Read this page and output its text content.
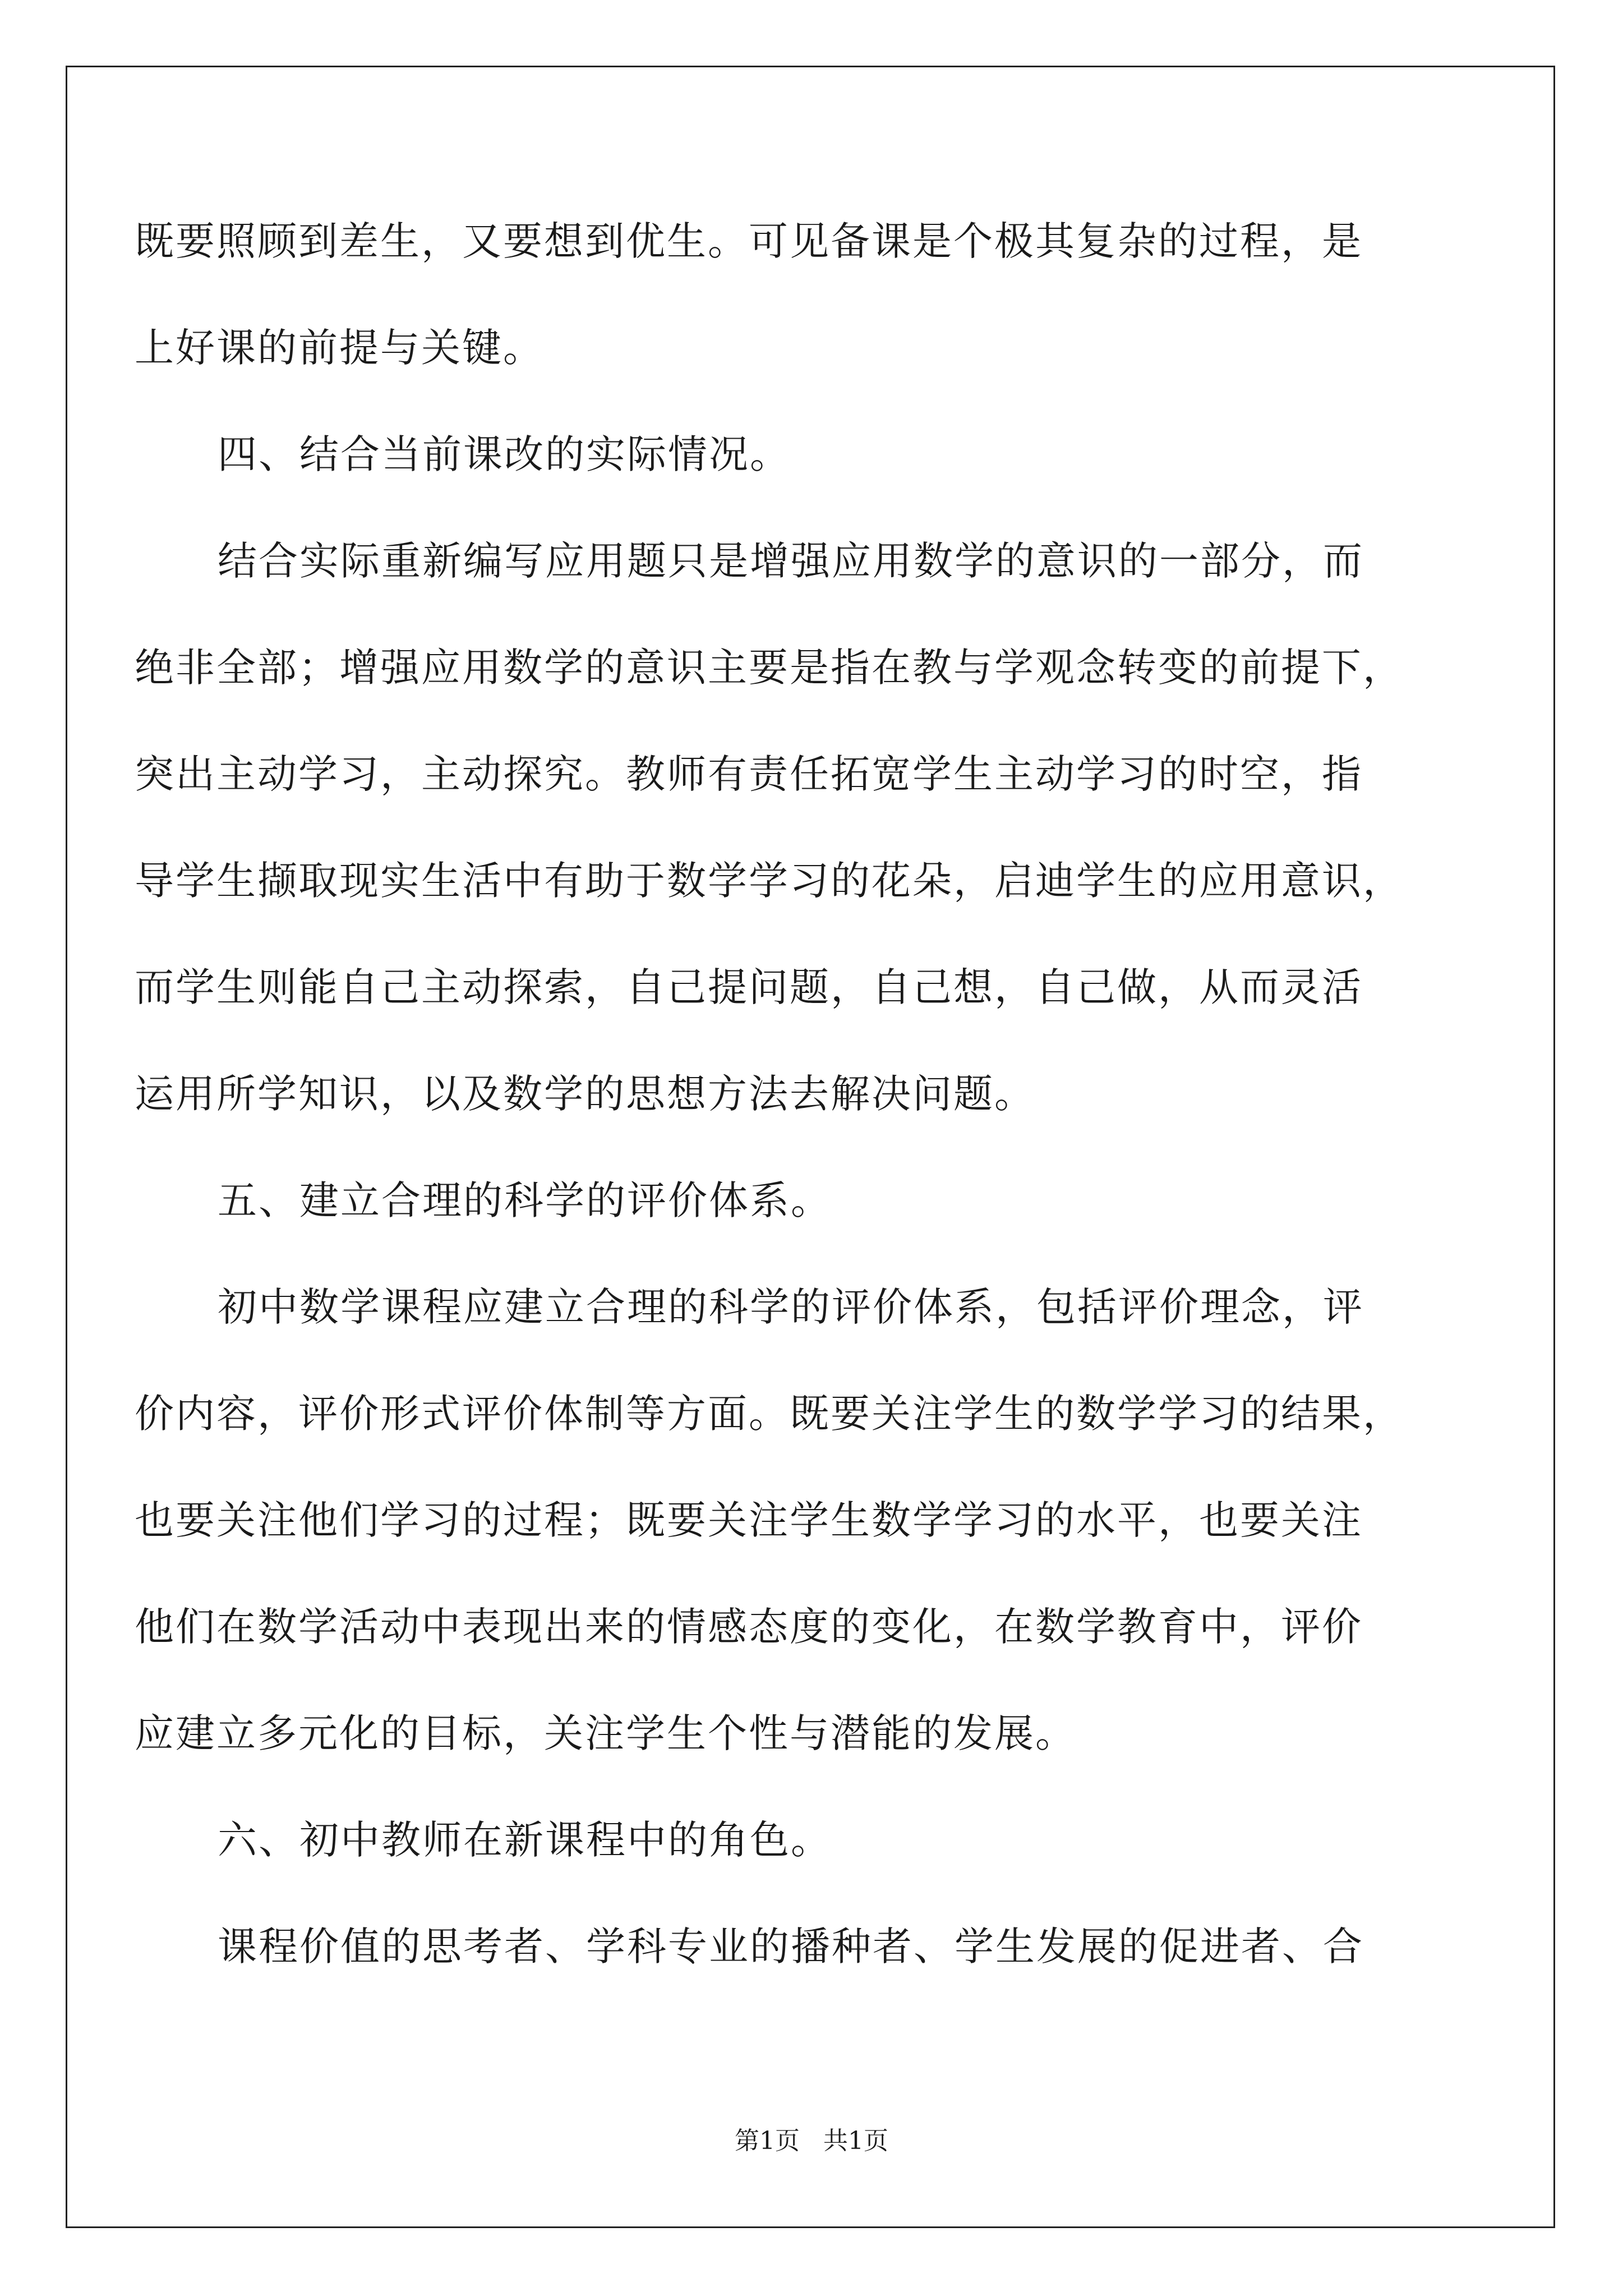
既要照顾到差生，又要想到优生。可见备课是个极其复杂的过程，是
上好课的前提与关键。
四、结合当前课改的实际情况。
结合实际重新编写应用题只是增强应用数学的意识的一部分，而
绝非全部；增强应用数学的意识主要是指在教与学观念转变的前提下，
突出主动学习，主动探究。教师有责任拓宽学生主动学习的时空，指
导学生撷取现实生活中有助于数学学习的花朵，启迪学生的应用意识，
而学生则能自己主动探索，自己提问题，自己想，自己做，从而灵活
运用所学知识，以及数学的思想方法去解决问题。
五、建立合理的科学的评价体系。
初中数学课程应建立合理的科学的评价体系，包括评价理念，评
价内容，评价形式评价体制等方面。既要关注学生的数学学习的结果，
也要关注他们学习的过程；既要关注学生数学学习的水平，也要关注
他们在数学活动中表现出来的情感态度的变化，在数学教育中，评价
应建立多元化的目标，关注学生个性与潜能的发展。
六、初中教师在新课程中的角色。
课程价值的思考者、学科专业的播种者、学生发展的促进者、合
第1页   共1页
